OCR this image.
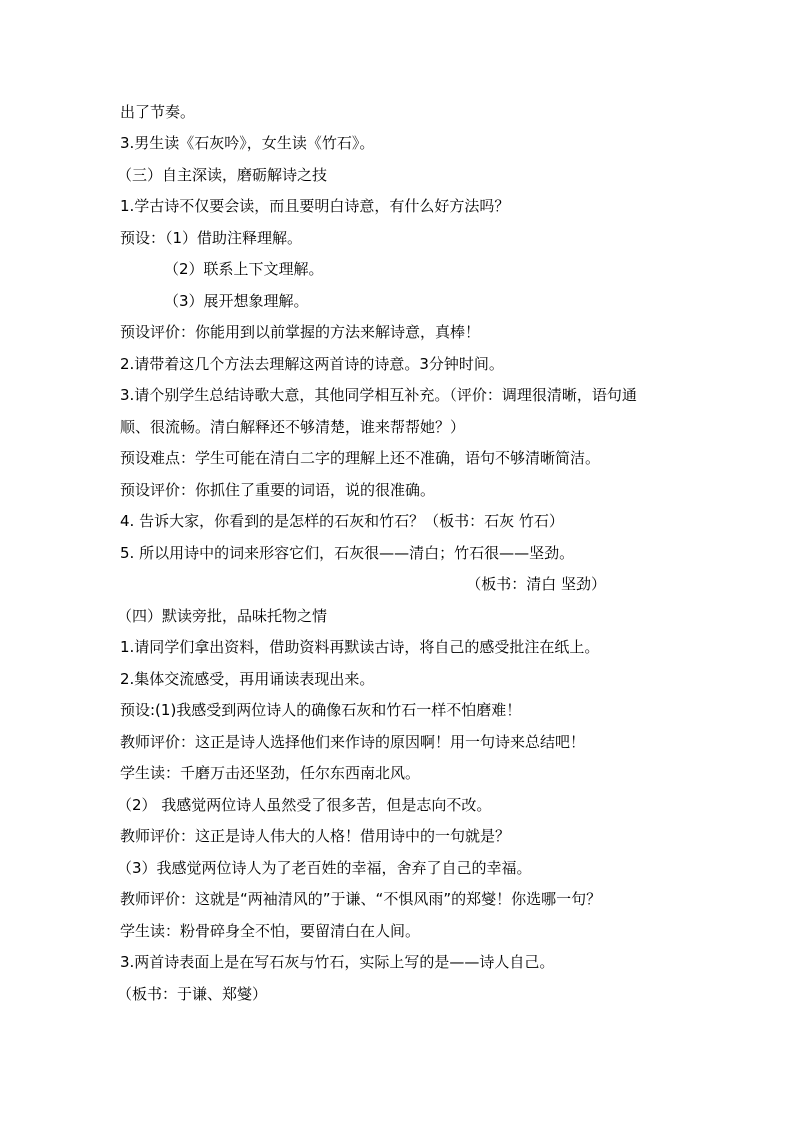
出了节奏。
3.男生读《石灰吟》，女生读《竹石》。
（三）自主深读，磨砺解诗之技
1.学古诗不仅要会读，而且要明白诗意，有什么好方法吗？
预设：（1）借助注释理解。
（2）联系上下文理解。
（3）展开想象理解。
预设评价：你能用到以前掌握的方法来解诗意，真棒！
2.请带着这几个方法去理解这两首诗的诗意。3分钟时间。
3.请个别学生总结诗歌大意，其他同学相互补充。（评价：调理很清晰，语句通
顺、很流畅。清白解释还不够清楚，谁来帮帮她？）
预设难点：学生可能在清白二字的理解上还不准确，语句不够清晰简洁。
预设评价：你抓住了重要的词语，说的很准确。
4. 告诉大家，你看到的是怎样的石灰和竹石？（板书：石灰 竹石）
5. 所以用诗中的词来形容它们，石灰很——清白；竹石很——坚劲。
（板书：清白 坚劲）
（四）默读旁批，品味托物之情
1.请同学们拿出资料，借助资料再默读古诗，将自己的感受批注在纸上。
2.集体交流感受，再用诵读表现出来。
预设:(1)我感受到两位诗人的确像石灰和竹石一样不怕磨难！
教师评价：这正是诗人选择他们来作诗的原因啊！用一句诗来总结吧！
学生读：千磨万击还坚劲，任尔东西南北风。
（2） 我感觉两位诗人虽然受了很多苦，但是志向不改。
教师评价：这正是诗人伟大的人格！借用诗中的一句就是？
（3）我感觉两位诗人为了老百姓的幸福，舍弃了自己的幸福。
教师评价：这就是“两袖清风的”于谦、“不惧风雨”的郑燮！你选哪一句？
学生读：粉骨碎身全不怕，要留清白在人间。
3.两首诗表面上是在写石灰与竹石，实际上写的是——诗人自己。
（板书：于谦、郑燮）
